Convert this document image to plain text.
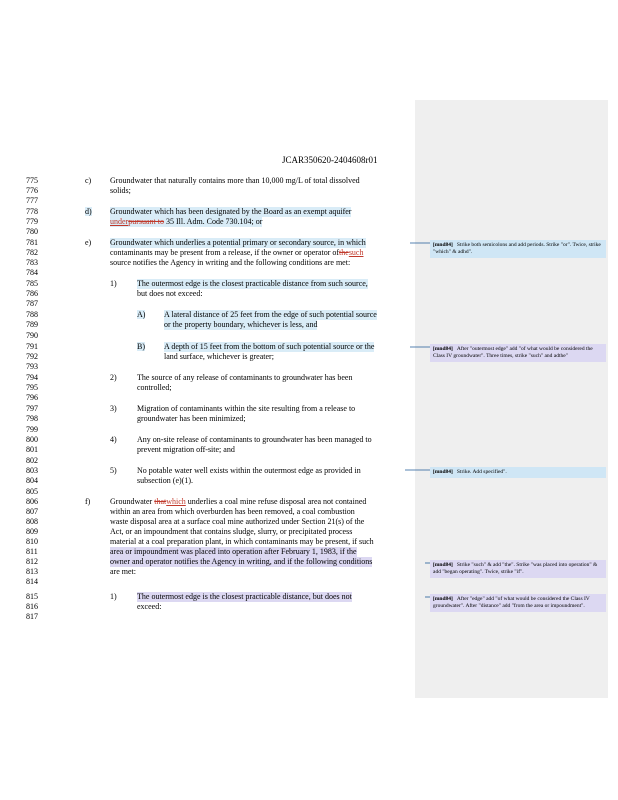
JCAR350620-2404608r01
775
776
777
778
779
780
781
782
783
784
785
786
787
788
789
790
791
792
793
794
795
796
797
798
799
800
801
802
803
804
805
806
807
808
809
810
811
812
813
814
815
816
817
c) Groundwater that naturally contains more than 10,000 mg/L of total dissolved
solids;
d) Groundwater which has been designated by the Board as an exempt aquifer
underpursuant to 35 Ill. Adm. Code 730.104; or
e) Groundwater which underlies a potential primary or secondary source, in which
contaminants may be present from a release, if the owner or operator ofthesuch
source notifies the Agency in writing and the following conditions are met:
1)	The outermost edge is the closest practicable distance from such source,
but does not exceed:
A) A lateral distance of 25 feet from the edge of such potential source
or the property boundary, whichever is less, and
B) A depth of 15 feet from the bottom of such potential source or the
land surface, whichever is greater;
2)	The source of any release of contaminants to groundwater has been
controlled;
3)	Migration of contaminants within the site resulting from a release to
groundwater has been minimized;
4)	Any on-site release of contaminants to groundwater has been managed to
prevent migration off-site; and
5)	No potable water well exists within the outermost edge as provided in
subsection (e)(1).
f) Groundwater thatwhich underlies a coal mine refuse disposal area not contained
within an area from which overburden has been removed, a coal combustion
waste disposal area at a surface coal mine authorized under Section 21(s) of the
Act, or an impoundment that contains sludge, slurry, or precipitated process
material at a coal preparation plant, in which contaminants may be present, if such
area or impoundment was placed into operation after February 1, 1983, if the
owner and operator notifies the Agency in writing, and if the following conditions
are met:
1)	The outermost edge is the closest practicable distance, but does not
exceed:
[mnd84] Strike both semicolons and add periods. Strike "or". Twice, strike "which" & adhd".
[mnd84] After "outermost edge" add "of what would be considered the Class IV groundwater". Three times, strike "such" and adthe"
[mnd84] Strike. Add specified".
[mnd84] Strike "such" & add "the". Strike "was placed into operation" & add "began operating". Twice, strike "if".
[mnd84] After "edge" add "of what would be considered the Class IV groundwater". After "distance" add "from the area or impoundment".
